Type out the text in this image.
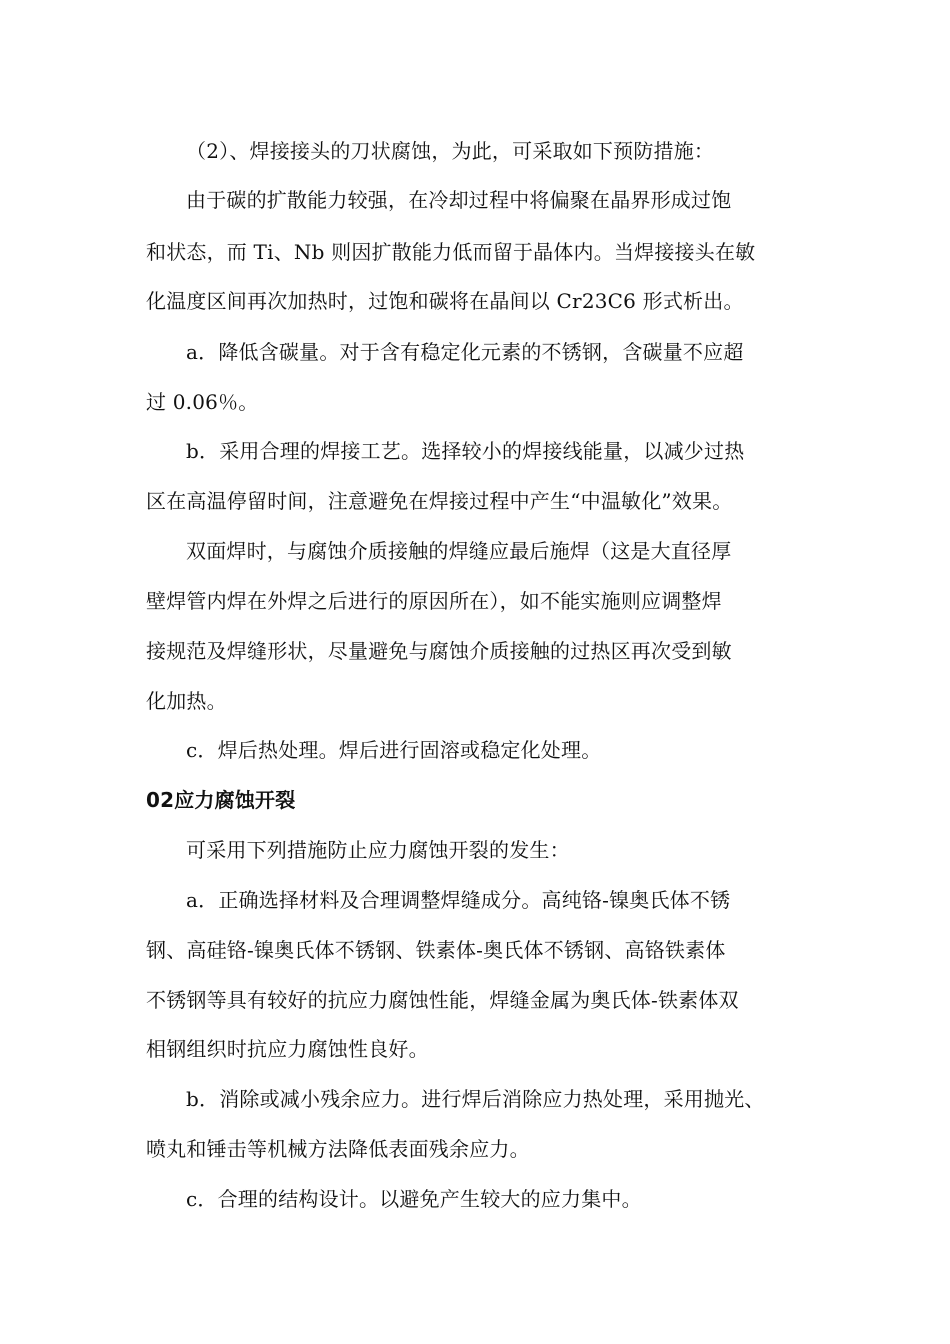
（2）、焊接接头的刀状腐蚀，为此，可采取如下预防措施：
由于碳的扩散能力较强，在冷却过程中将偏聚在晶界形成过饱
和状态，而 Ti、Nb 则因扩散能力低而留于晶体内。当焊接接头在敏
化温度区间再次加热时，过饱和碳将在晶间以 Cr23C6 形式析出。
a．降低含碳量。对于含有稳定化元素的不锈钢，含碳量不应超
过 0.06％。
b．采用合理的焊接工艺。选择较小的焊接线能量，以减少过热
区在高温停留时间，注意避免在焊接过程中产生“中温敏化”效果。
双面焊时，与腐蚀介质接触的焊缝应最后施焊（这是大直径厚
壁焊管内焊在外焊之后进行的原因所在），如不能实施则应调整焊
接规范及焊缝形状，尽量避免与腐蚀介质接触的过热区再次受到敏
化加热。
c．焊后热处理。焊后进行固溶或稳定化处理。
02应力腐蚀开裂
可采用下列措施防止应力腐蚀开裂的发生：
a．正确选择材料及合理调整焊缝成分。高纯铬-镍奥氏体不锈
钢、高硅铬-镍奥氏体不锈钢、铁素体-奥氏体不锈钢、高铬铁素体
不锈钢等具有较好的抗应力腐蚀性能，焊缝金属为奥氏体-铁素体双
相钢组织时抗应力腐蚀性良好。
b．消除或减小残余应力。进行焊后消除应力热处理，采用抛光、
喷丸和锤击等机械方法降低表面残余应力。
c．合理的结构设计。以避免产生较大的应力集中。
